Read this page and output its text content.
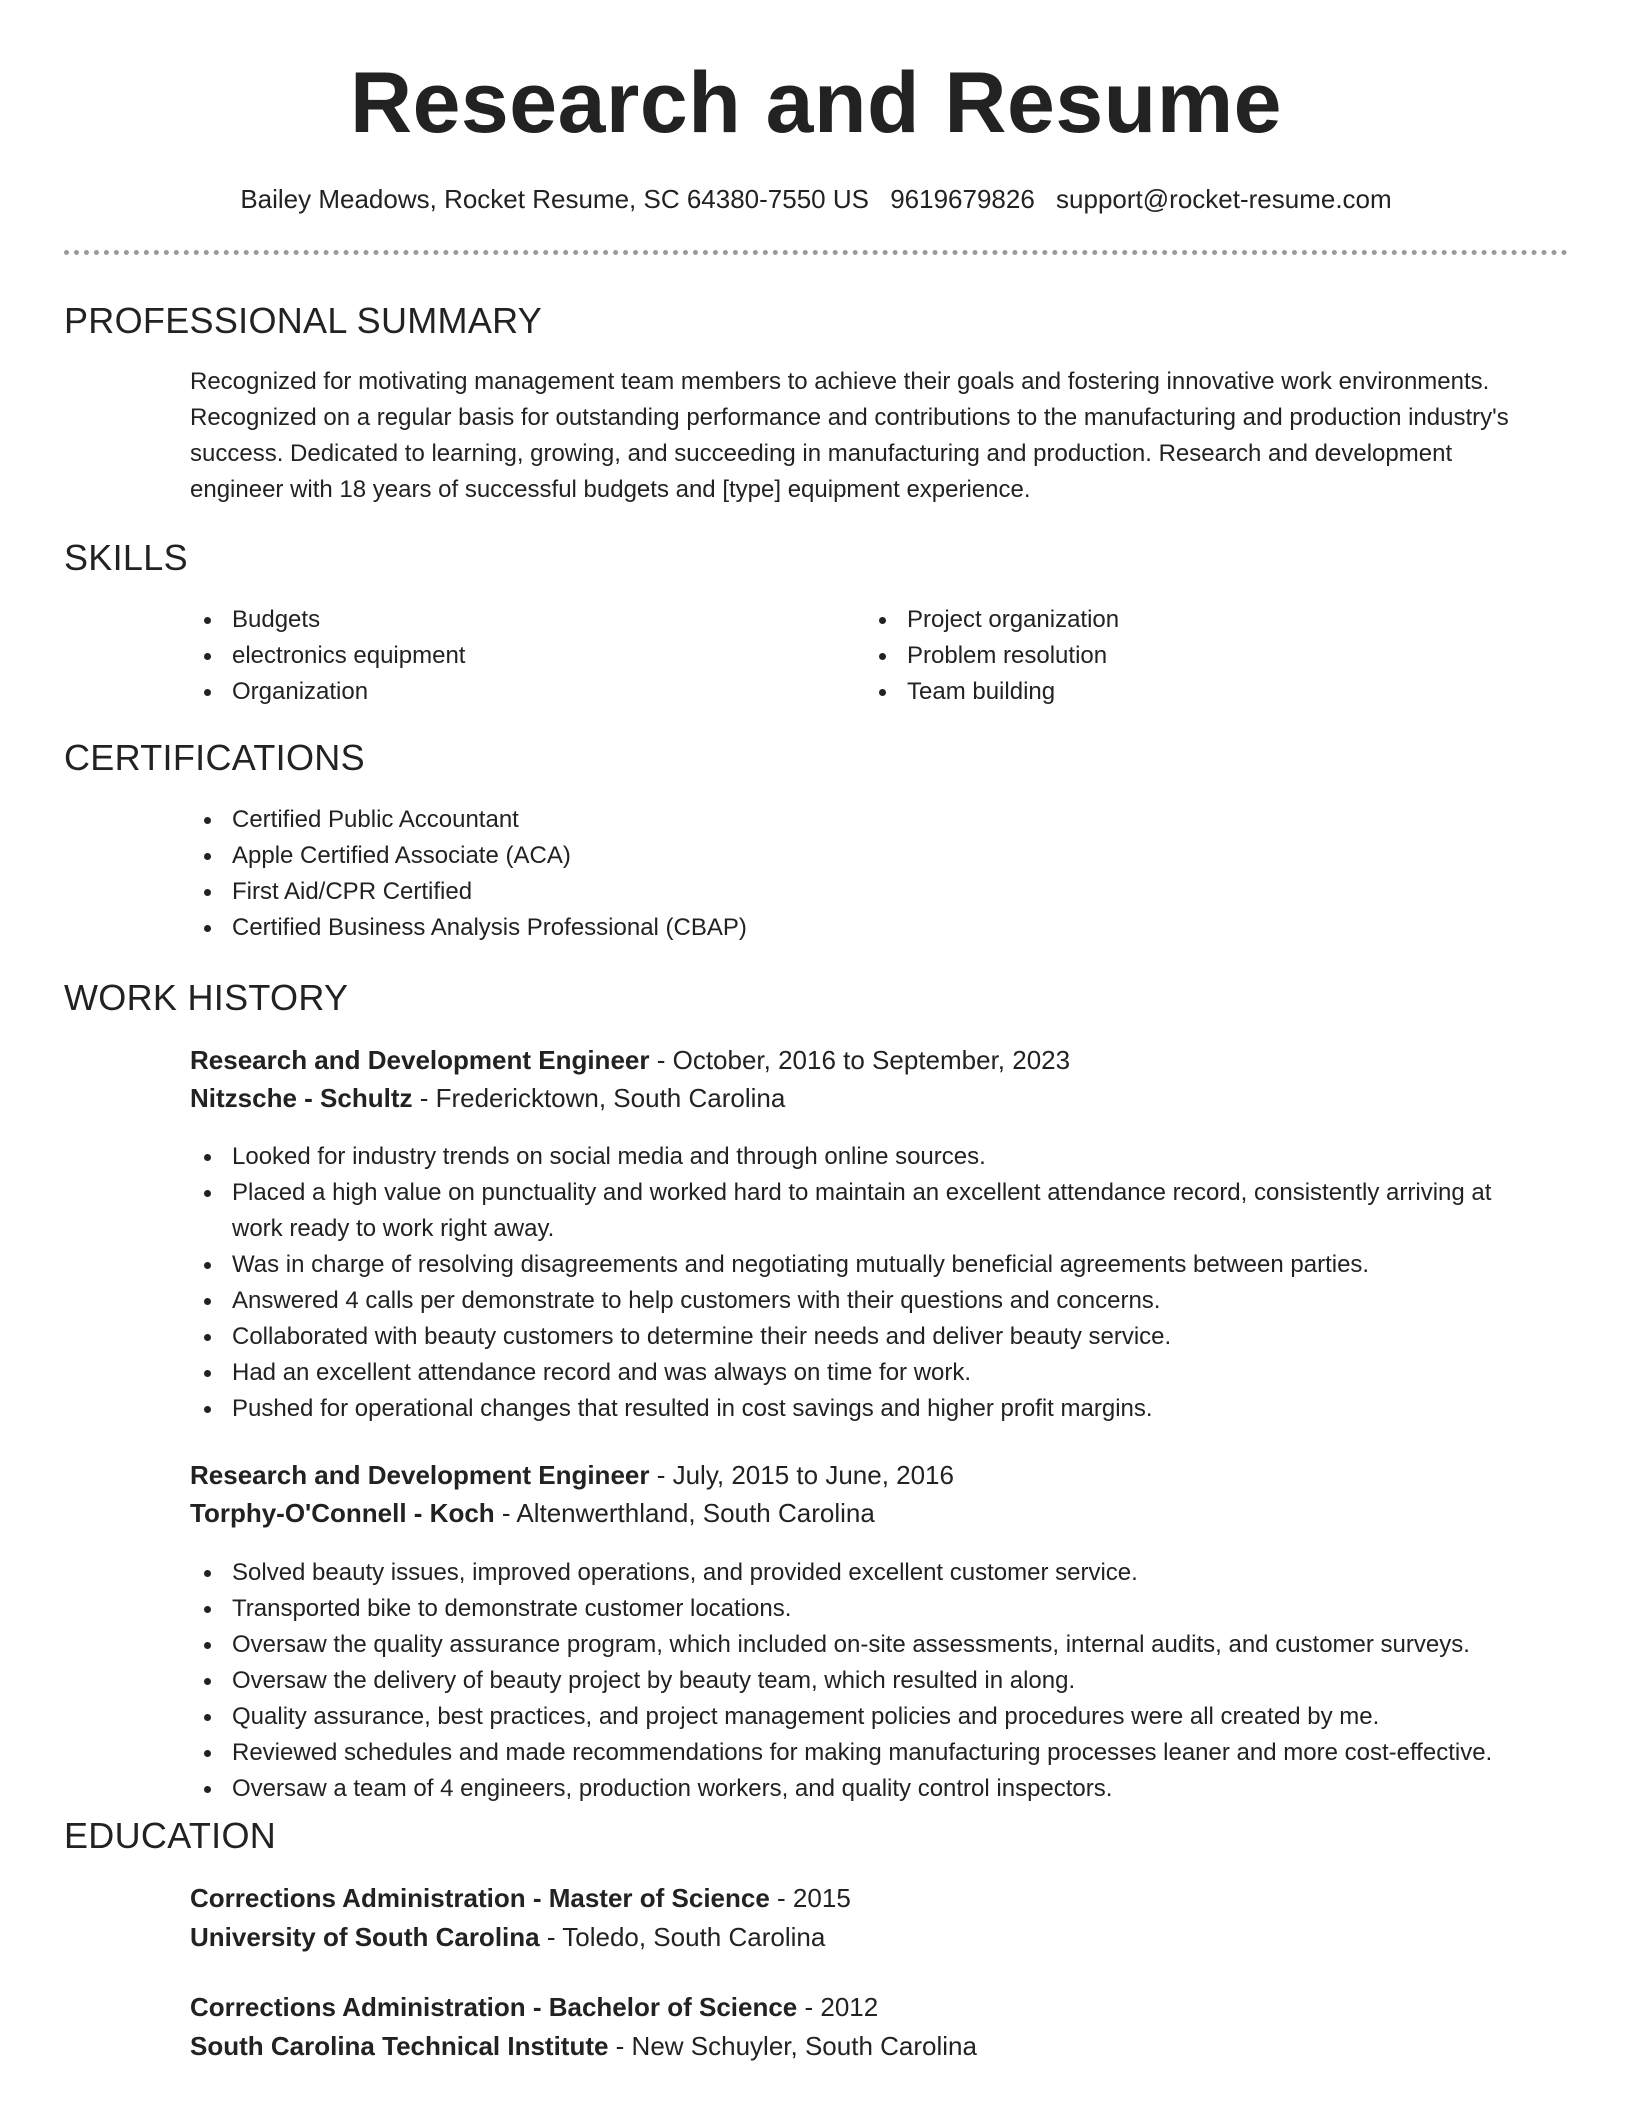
Research and Resume
Bailey Meadows, Rocket Resume, SC 64380-7550 US 9619679826 support@rocket-resume.com
PROFESSIONAL SUMMARY
Recognized for motivating management team members to achieve their goals and fostering innovative work environments.
Recognized on a regular basis for outstanding performance and contributions to the manufacturing and production industry's
success. Dedicated to learning, growing, and succeeding in manufacturing and production. Research and development
engineer with 18 years of successful budgets and [type] equipment experience.
SKILLS
Budgets
electronics equipment
Organization
Project organization
Problem resolution
Team building
CERTIFICATIONS
Certified Public Accountant
Apple Certified Associate (ACA)
First Aid/CPR Certified
Certified Business Analysis Professional (CBAP)
WORK HISTORY
Research and Development Engineer - October, 2016 to September, 2023
Nitzsche - Schultz - Fredericktown, South Carolina
Looked for industry trends on social media and through online sources.
Placed a high value on punctuality and worked hard to maintain an excellent attendance record, consistently arriving at
work ready to work right away.
Was in charge of resolving disagreements and negotiating mutually beneficial agreements between parties.
Answered 4 calls per demonstrate to help customers with their questions and concerns.
Collaborated with beauty customers to determine their needs and deliver beauty service.
Had an excellent attendance record and was always on time for work.
Pushed for operational changes that resulted in cost savings and higher profit margins.
Research and Development Engineer - July, 2015 to June, 2016
Torphy-O'Connell - Koch - Altenwerthland, South Carolina
Solved beauty issues, improved operations, and provided excellent customer service.
Transported bike to demonstrate customer locations.
Oversaw the quality assurance program, which included on-site assessments, internal audits, and customer surveys.
Oversaw the delivery of beauty project by beauty team, which resulted in along.
Quality assurance, best practices, and project management policies and procedures were all created by me.
Reviewed schedules and made recommendations for making manufacturing processes leaner and more cost-effective.
Oversaw a team of 4 engineers, production workers, and quality control inspectors.
EDUCATION
Corrections Administration - Master of Science - 2015
University of South Carolina - Toledo, South Carolina
Corrections Administration - Bachelor of Science - 2012
South Carolina Technical Institute - New Schuyler, South Carolina
